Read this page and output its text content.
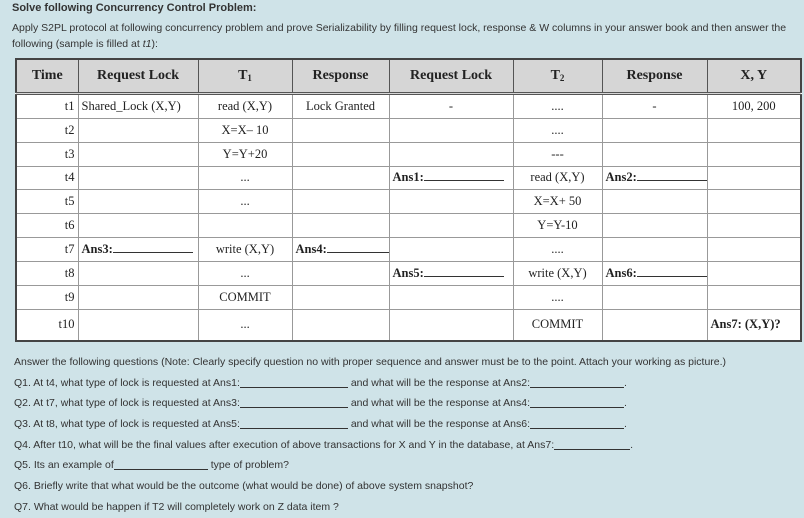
Solve following Concurrency Control Problem:
Apply S2PL protocol at following concurrency problem and prove Serializability by filling request lock, response & W columns in your answer book and then answer the following (sample is filled at t1):
Time	Request Lock	$T_1$	Response	Request Lock	$T_2$	Response	X, Y
t1	Shared_Lock (X,Y)	read (X,Y)	Lock Granted	-	....	-	100, 200
t2		X=X– 10			....		
t3		Y=Y+20			---		
t4		...		Ans1:	read (X,Y)	Ans2:	
t5		...			X=X+ 50		
t6					Y=Y-10		
t7	Ans3:	write (X,Y)	Ans4:		....		
t8		...		Ans5:	write (X,Y)	Ans6:	
t9		COMMIT			....		
t10		...			COMMIT		Ans7: (X,Y)?
Answer the following questions (Note: Clearly specify question no with proper sequence and answer must be to the point. Attach your working as picture.)
Q1. At t4, what type of lock is requested at Ans1:	and what will be the response at Ans2:	.
Q2. At t7, what type of lock is requested at Ans3:	and what will be the response at Ans4:	.
Q3. At t8, what type of lock is requested at Ans5:	and what will be the response at Ans6:	.
Q4. After t10, what will be the final values after execution of above transactions for X and Y in the database, at Ans7:	.
Q5. Its an example of	type of problem?
Q6. Briefly write that what would be the outcome (what would be done) of above system snapshot?
Q7. What would be happen if T2 will completely work on Z data item ?
